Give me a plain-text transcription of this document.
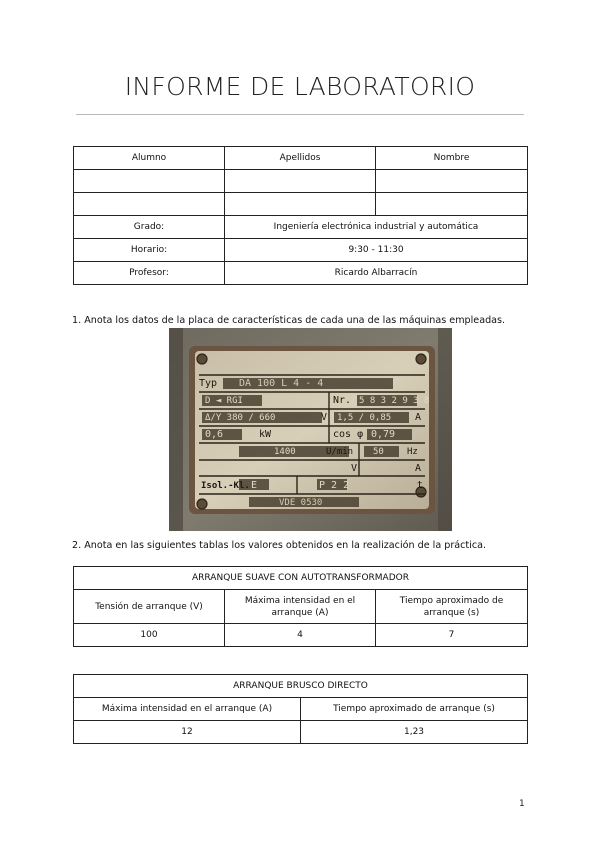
INFORME DE LABORATORIO
Alumno	Apellidos	Nombre

Grado:	Ingeniería electrónica industrial y automática	
Horario:	9:30 - 11:30	
Profesor:	Ricardo Albarracín	
1. Anota los datos de la placa de características de cada una de las máquinas empleadas.
Typ DA 100 L 4 - 4
D ◄ RGI	Nr. 5 8 3 2 9 3 8
Δ/Y 380 / 660	V 1,5 / 0,85 A
0,6	kW	cos φ 0,79
1400	U/min 50	Hz
V	A
Isol.-Kl. E	P 2 2	t
VDE 0530
2. Anota en las siguientes tablas los valores obtenidos en la realización de la práctica.
ARRANQUE SUAVE CON AUTOTRANSFORMADOR		
Tensión de arranque (V)	Máxima intensidad en el arranque (A)	Tiempo aproximado de arranque (s)
100	4	7
ARRANQUE BRUSCO DIRECTO	
Máxima intensidad en el arranque (A)	Tiempo aproximado de arranque (s)
12	1,23
1
